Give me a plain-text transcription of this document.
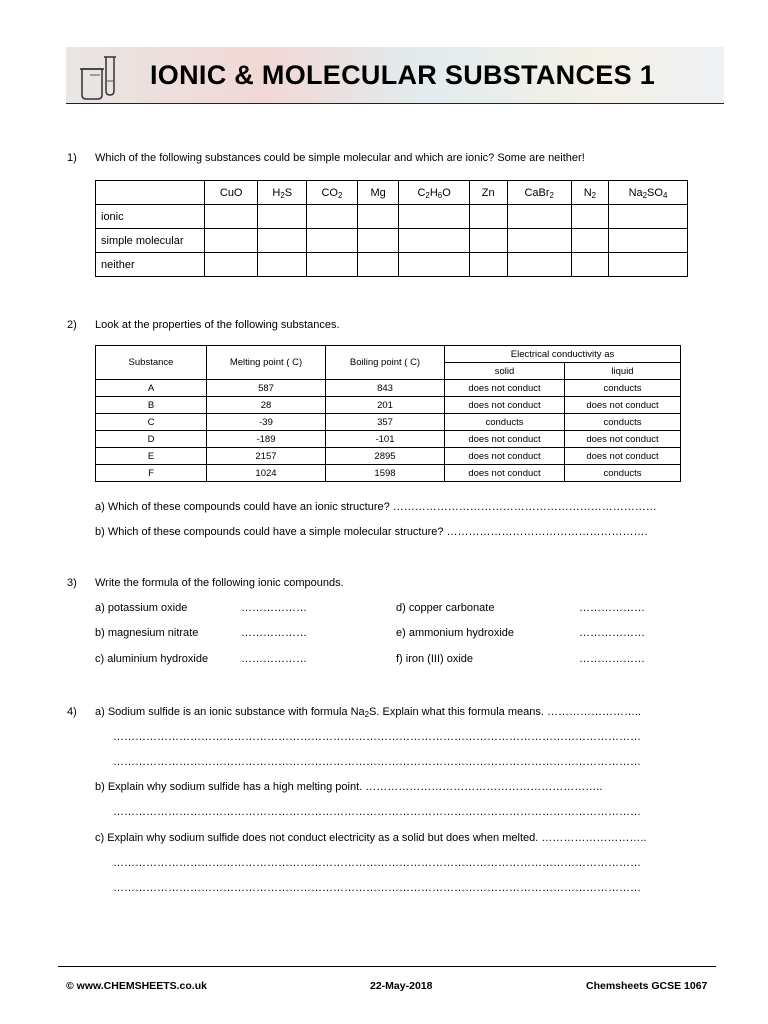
IONIC & MOLECULAR SUBSTANCES 1
1) Which of the following substances could be simple molecular and which are ionic? Some are neither!
	CuO	$H_2S$	$CO_2$	Mg	$C_2H_6O$	Zn	CaBr$_2$	$N_2$	$Na_2SO_4$
ionic									
simple molecular									
neither									
2) Look at the properties of the following substances.
Substance	Melting point ( C)	Boiling point ( C)	Electrical conductivity as	
			solid	liquid
A	587	843	does not conduct	conducts
B	28	201	does not conduct	does not conduct
C	-39	357	conducts	conducts
D	-189	-101	does not conduct	does not conduct
E	2157	2895	does not conduct	does not conduct
F	1024	1598	does not conduct	conducts
a) Which of these compounds could have an ionic structure? ………………………………………………………………
b) Which of these compounds could have a simple molecular structure? ……………………………………………….
3) Write the formula of the following ionic compounds.
a) potassium oxide	………………	d) copper carbonate	………………
b) magnesium nitrate	………………	e) ammonium hydroxide	………………
c) aluminium hydroxide	………………	f) iron (III) oxide	………………
4) a) Sodium sulfide is an ionic substance with formula $Na_2S$. Explain what this formula means. ……………………..
………………………………………………………………………………………………………………………………
………………………………………………………………………………………………………………………………
b) Explain why sodium sulfide has a high melting point. ………………………………………………………..
………………………………………………………………………………………………………………………………
c) Explain why sodium sulfide does not conduct electricity as a solid but does when melted. ………………………..
………………………………………………………………………………………………………………………………
………………………………………………………………………………………………………………………………
© www.CHEMSHEETS.co.uk	22-May-2018	Chemsheets GCSE 1067
